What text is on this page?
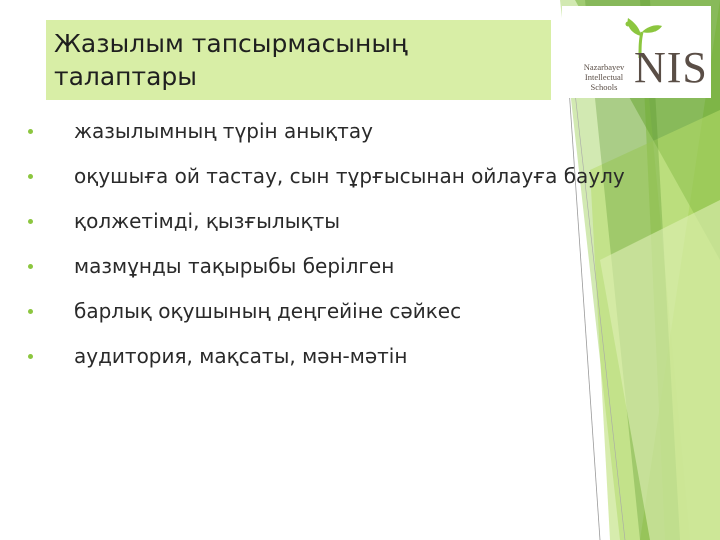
Жазылым тапсырмасының
талаптары	Nazarbayev
Intellectual
Schools NIS
жазылымның түрін анықтау
оқушыға ой тастау, сын тұрғысынан ойлауға баулу
қолжетімді, қызғылықты
мазмұнды тақырыбы берілген
барлық оқушының деңгейіне сәйкес
аудитория, мақсаты, мән-мәтін
